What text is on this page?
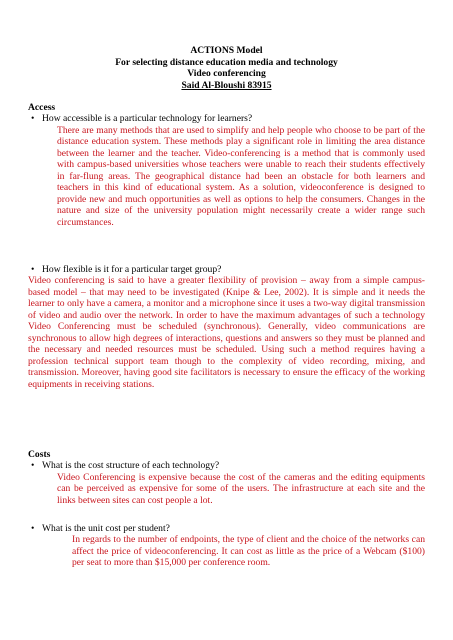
ACTIONS Model
For selecting distance education media and technology
Video conferencing
Said Al-Bloushi 83915
Access
• How accessible is a particular technology for learners?
There are many methods that are used to simplify and help people who choose to be part of the distance education system. These methods play a significant role in limiting the area distance between the learner and the teacher. Video-conferencing is a method that is commonly used with campus-based universities whose teachers were unable to reach their students effectively in far-flung areas. The geographical distance had been an obstacle for both learners and teachers in this kind of educational system. As a solution, videoconference is designed to provide new and much opportunities as well as options to help the consumers. Changes in the nature and size of the university population might necessarily create a wider range such circumstances.
• How flexible is it for a particular target group?
Video conferencing is said to have a greater flexibility of provision – away from a simple campus-based model – that may need to be investigated (Knipe & Lee, 2002). It is simple and it needs the learner to only have a camera, a monitor and a microphone since it uses a two-way digital transmission of video and audio over the network. In order to have the maximum advantages of such a technology Video Conferencing must be scheduled (synchronous). Generally, video communications are synchronous to allow high degrees of interactions, questions and answers so they must be planned and the necessary and needed resources must be scheduled. Using such a method requires having a profession technical support team though to the complexity of video recording, mixing, and transmission. Moreover, having good site facilitators is necessary to ensure the efficacy of the working equipments in receiving stations.
Costs
• What is the cost structure of each technology?
Video Conferencing is expensive because the cost of the cameras and the editing equipments can be perceived as expensive for some of the users. The infrastructure at each site and the links between sites can cost people a lot.
• What is the unit cost per student?
In regards to the number of endpoints, the type of client and the choice of the networks can affect the price of videoconferencing. It can cost as little as the price of a Webcam ($100) per seat to more than $15,000 per conference room.
